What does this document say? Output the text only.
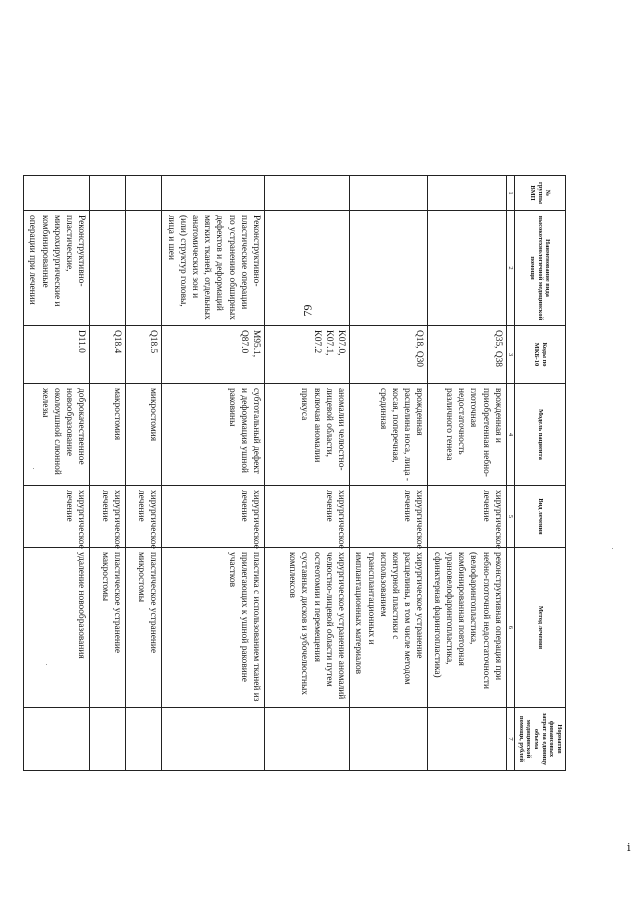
79
№ группы ВМП	Наименование вида высокотехнологичной медицинской помощи	Коды по МКБ-10	Модель пациента	Вид лечения	Метод лечения	Норматив финансовых затрат на единицу объема медицинской помощи, рублей
1	2	3	4	5	6	7
		Q35, Q38	врожденная и приобретенная небно-глоточная недостаточность различного генеза	хирургическое лечение	реконструктивная операция при небно-глоточной недостаточности (велофарингопластика, комбинированная повторная урановелофарингопластика, сфинктерная фарингопластика)	
		Q18, Q30	врожденная расщелина носа, лица - косая, поперечная, срединная	хирургическое лечение	хирургическое устранение расщелины, в том числе методом контурной пластики с использованием трансплантационных и имплантационных материалов	
		K07.0, K07.1, K07.2	аномалии челюстно-лицевой области, включая аномалии прикуса	хирургическое лечение	хирургическое устранение аномалий челюстно-лицевой области путем остеотомии и перемещения суставных дисков и зубочелюстных комплексов	
	Реконструктивно-пластические операции по устранению обширных дефектов и деформаций мягких тканей, отдельных анатомических зон и (или) структур головы, лица и шеи	M95.1, Q87.0	субтотальный дефект и деформация ушной раковины	хирургическое лечение	пластика с использованием тканей из прилегающих к ушной раковине участков	
		Q18.5	микростомия	хирургическое лечение	пластическое устранение микростомы	
		Q18.4	макростомия	хирургическое лечение	пластическое устранение макростомы	
	Реконструктивно-пластические, микрохирургические и комбинированные операции при лечении	D11.0	доброкачественное новообразование околоушной слюнной железы	хирургическое лечение	удаление новообразования	
ⅰ
